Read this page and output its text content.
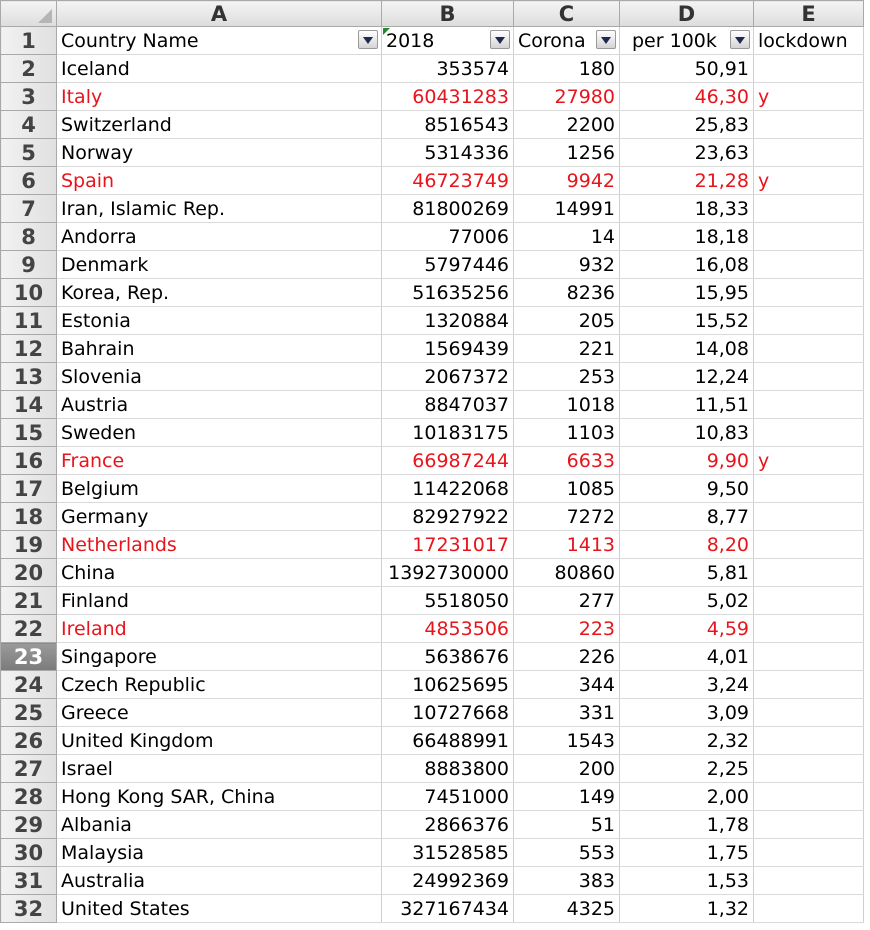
	A	B	C	D	E
1	Country Name	2018	Corona	per 100k	lockdown
2	Iceland	353574	180	50,91	
3	Italy	60431283	27980	46,30	y
4	Switzerland	8516543	2200	25,83	
5	Norway	5314336	1256	23,63	
6	Spain	46723749	9942	21,28	y
7	Iran, Islamic Rep.	81800269	14991	18,33	
8	Andorra	77006	14	18,18	
9	Denmark	5797446	932	16,08	
10	Korea, Rep.	51635256	8236	15,95	
11	Estonia	1320884	205	15,52	
12	Bahrain	1569439	221	14,08	
13	Slovenia	2067372	253	12,24	
14	Austria	8847037	1018	11,51	
15	Sweden	10183175	1103	10,83	
16	France	66987244	6633	9,90	y
17	Belgium	11422068	1085	9,50	
18	Germany	82927922	7272	8,77	
19	Netherlands	17231017	1413	8,20	
20	China	1392730000	80860	5,81	
21	Finland	5518050	277	5,02	
22	Ireland	4853506	223	4,59	
23	Singapore	5638676	226	4,01	
24	Czech Republic	10625695	344	3,24	
25	Greece	10727668	331	3,09	
26	United Kingdom	66488991	1543	2,32	
27	Israel	8883800	200	2,25	
28	Hong Kong SAR, China	7451000	149	2,00	
29	Albania	2866376	51	1,78	
30	Malaysia	31528585	553	1,75	
31	Australia	24992369	383	1,53	
32	United States	327167434	4325	1,32	
